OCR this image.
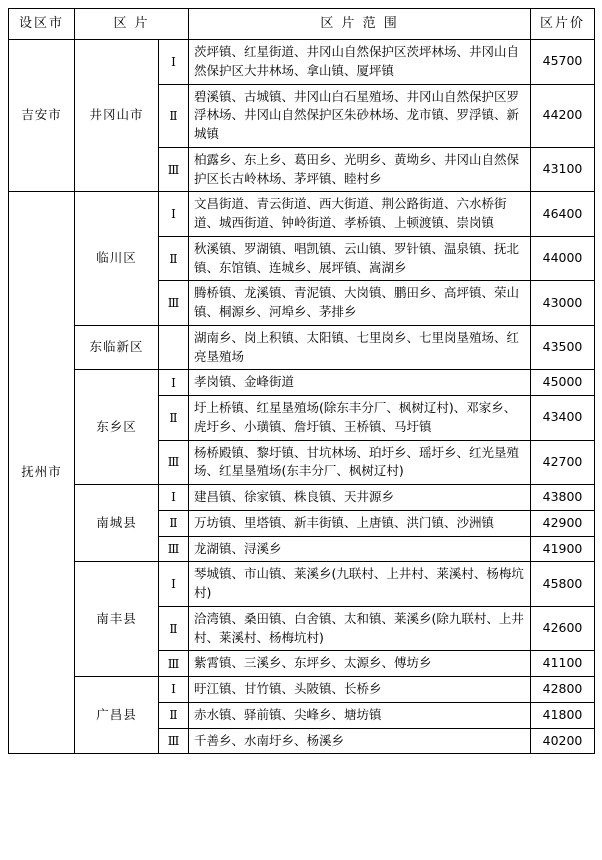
设区市	区 片		区 片 范 围	区片价
吉安市	井冈山市	Ⅰ	茨坪镇、红星街道、井冈山自然保护区茨坪林场、井冈山自然保护区大井林场、拿山镇、厦坪镇	45700
		Ⅱ	碧溪镇、古城镇、井冈山白石星殖场、井冈山自然保护区罗浮林场、井冈山自然保护区朱砂林场、龙市镇、罗浮镇、新城镇	44200
		Ⅲ	柏露乡、东上乡、葛田乡、光明乡、黄坳乡、井冈山自然保护区长古岭林场、茅坪镇、睦村乡	43100
抚州市	临川区	Ⅰ	文昌街道、青云街道、西大街道、荆公路街道、六水桥街道、城西街道、钟岭街道、孝桥镇、上顿渡镇、崇岗镇	46400
		Ⅱ	秋溪镇、罗湖镇、唱凯镇、云山镇、罗针镇、温泉镇、抚北镇、东馆镇、连城乡、展坪镇、嵩湖乡	44000
		Ⅲ	腾桥镇、龙溪镇、青泥镇、大岗镇、鹏田乡、高坪镇、荣山镇、桐源乡、河埠乡、茅排乡	43000
	东临新区		湖南乡、岗上积镇、太阳镇、七里岗乡、七里岗垦殖场、红亮垦殖场	43500
	东乡区	Ⅰ	孝岗镇、金峰街道	45000
		Ⅱ	圩上桥镇、红星垦殖场(除东丰分厂、枫树辽村)、邓家乡、虎圩乡、小璜镇、詹圩镇、王桥镇、马圩镇	43400
		Ⅲ	杨桥殿镇、黎圩镇、甘坑林场、珀圩乡、瑶圩乡、红光垦殖场、红星垦殖场(东丰分厂、枫树辽村)	42700
	南城县	Ⅰ	建昌镇、徐家镇、株良镇、天井源乡	43800
		Ⅱ	万坊镇、里塔镇、新丰街镇、上唐镇、洪门镇、沙洲镇	42900
		Ⅲ	龙湖镇、浔溪乡	41900
	南丰县	Ⅰ	琴城镇、市山镇、莱溪乡(九联村、上井村、莱溪村、杨梅坑村)	45800
		Ⅱ	洽湾镇、桑田镇、白舍镇、太和镇、莱溪乡(除九联村、上井村、莱溪村、杨梅坑村)	42600
		Ⅲ	紫霄镇、三溪乡、东坪乡、太源乡、傅坊乡	41100
	广昌县	Ⅰ	旴江镇、甘竹镇、头陂镇、长桥乡	42800
		Ⅱ	赤水镇、驿前镇、尖峰乡、塘坊镇	41800
		Ⅲ	千善乡、水南圩乡、杨溪乡	40200
